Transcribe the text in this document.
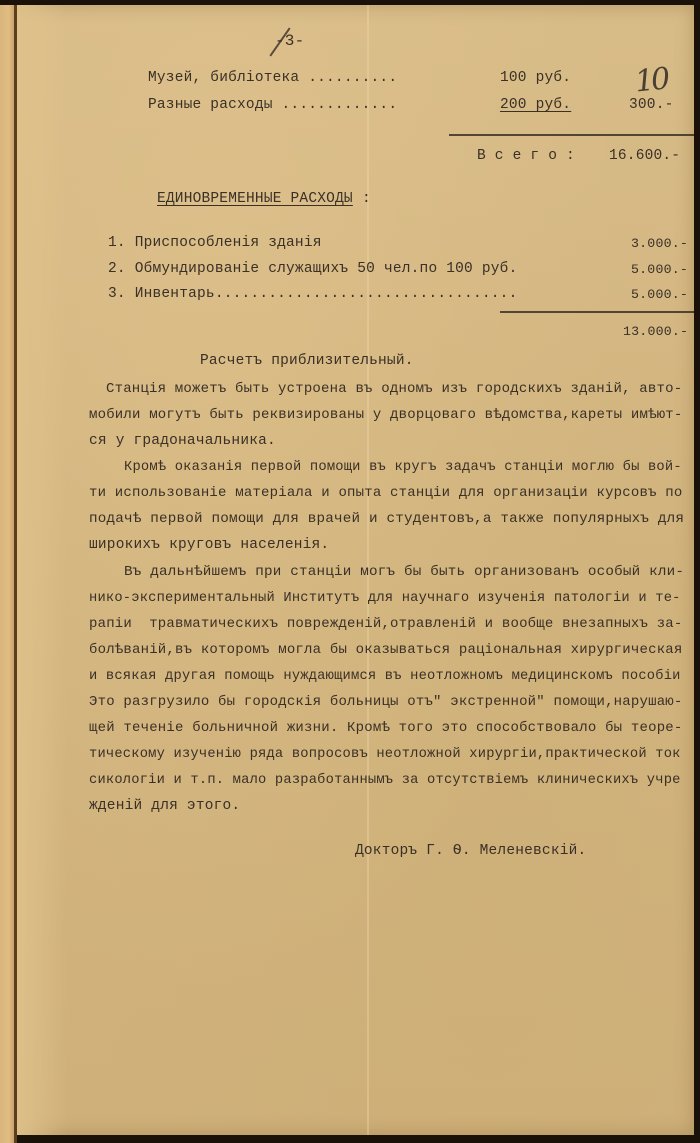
-3-
10
Музей, библiотека ..........	100 руб.
Разные расходы .............	200 руб.	300.-
В с е г о : 16.600.-
ЕДИНОВРЕМЕННЫЕ РАСХОДЫ :
1. Приспособленiя зданiя	3.000.-
2. Обмундированiе служащихъ 50 чел.по 100 руб.	5.000.-
3. Инвентарь..................................	5.000.-
13.000.-
Расчетъ приблизительный.
Станцiя можетъ быть устроена въ одномъ изъ городскихъ зданiй, авто-
мобили могутъ быть реквизированы у дворцоваго вѣдомства,кареты имѣют-
ся у градоначальника.
Кромѣ оказанiя первой помощи въ кругъ задачъ станцiи моглю бы вой-
ти использованiе матерiала и опыта станцiи для организацiи курсовъ по
подачѣ первой помощи для врачей и студентовъ,а также популярныхъ для
широкихъ круговъ населенiя.
Въ дальнѣйшемъ при станцiи могъ бы быть организованъ особый кли-
нико-экспериментальный Институтъ для научнаго изученiя патологiи и те-
рапiи  травматическихъ поврежденiй,отравленiй и вообще внезапныхъ за-
болѣванiй,въ которомъ могла бы оказываться рацiональная хирургическая
и всякая другая помощь нуждающимся въ неотложномъ медицинскомъ пособiи
Это разгрузило бы городскiя больницы отъ" экстренной" помощи,нарушаю-
щей теченiе больничной жизни. Кромѣ того это способствовало бы теоре-
тическому изученiю ряда вопросовъ неотложной хирургiи,практической ток
сикологiи и т.п. мало разработаннымъ за отсутствiемъ клиническихъ учре
жденiй для этого.
Докторъ Г. Ѳ. Меленевскiй.
